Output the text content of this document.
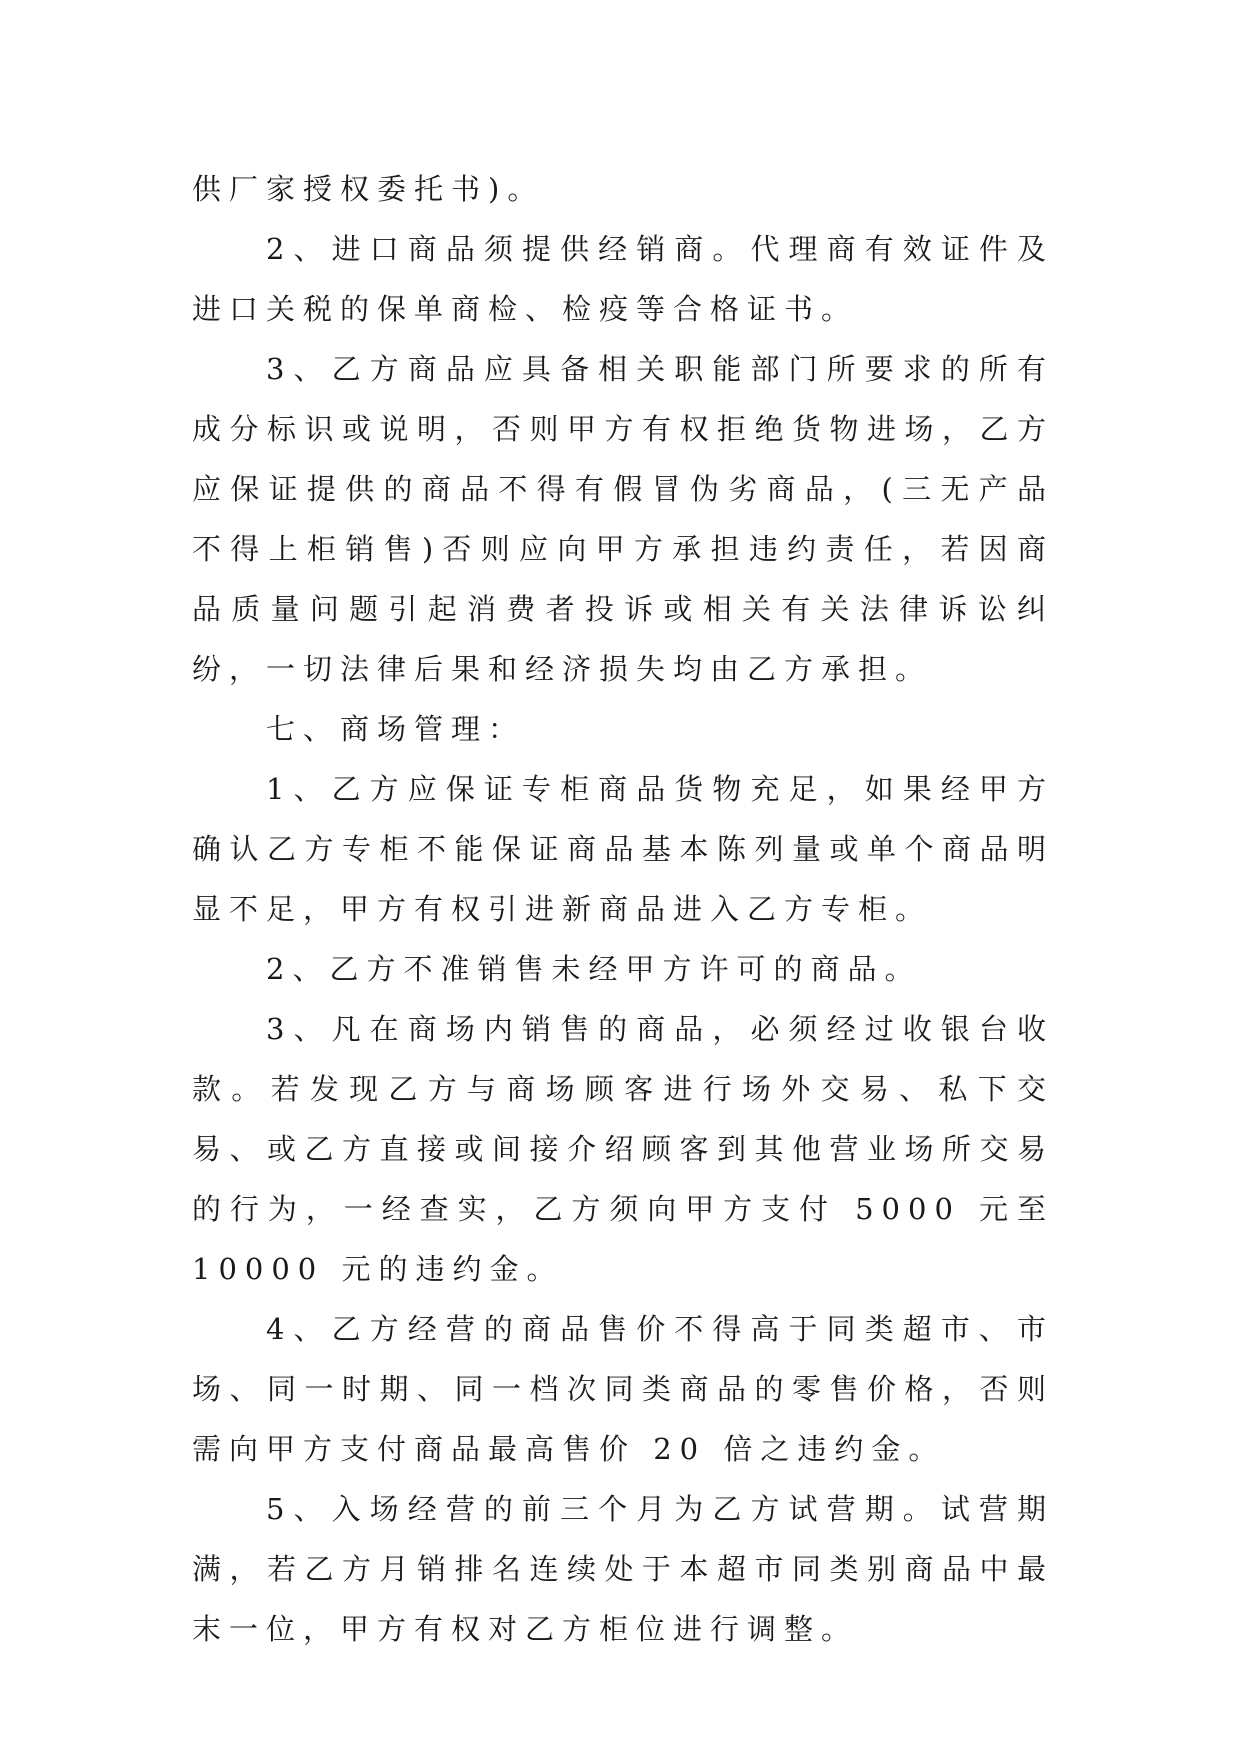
供厂家授权委托书)。

2、进口商品须提供经销商。代理商有效证件及进口关税的保单商检、检疫等合格证书。

3、乙方商品应具备相关职能部门所要求的所有成分标识或说明，否则甲方有权拒绝货物进场，乙方应保证提供的商品不得有假冒伪劣商品，(三无产品不得上柜销售)否则应向甲方承担违约责任，若因商品质量问题引起消费者投诉或相关有关法律诉讼纠纷，一切法律后果和经济损失均由乙方承担。

七、商场管理：

1、乙方应保证专柜商品货物充足，如果经甲方确认乙方专柜不能保证商品基本陈列量或单个商品明显不足，甲方有权引进新商品进入乙方专柜。

2、乙方不准销售未经甲方许可的商品。

3、凡在商场内销售的商品，必须经过收银台收款。若发现乙方与商场顾客进行场外交易、私下交易、或乙方直接或间接介绍顾客到其他营业场所交易的行为，一经查实，乙方须向甲方支付 5000 元至 10000 元的违约金。

4、乙方经营的商品售价不得高于同类超市、市场、同一时期、同一档次同类商品的零售价格，否则需向甲方支付商品最高售价 20 倍之违约金。

5、入场经营的前三个月为乙方试营期。试营期满，若乙方月销排名连续处于本超市同类别商品中最末一位，甲方有权对乙方柜位进行调整。
